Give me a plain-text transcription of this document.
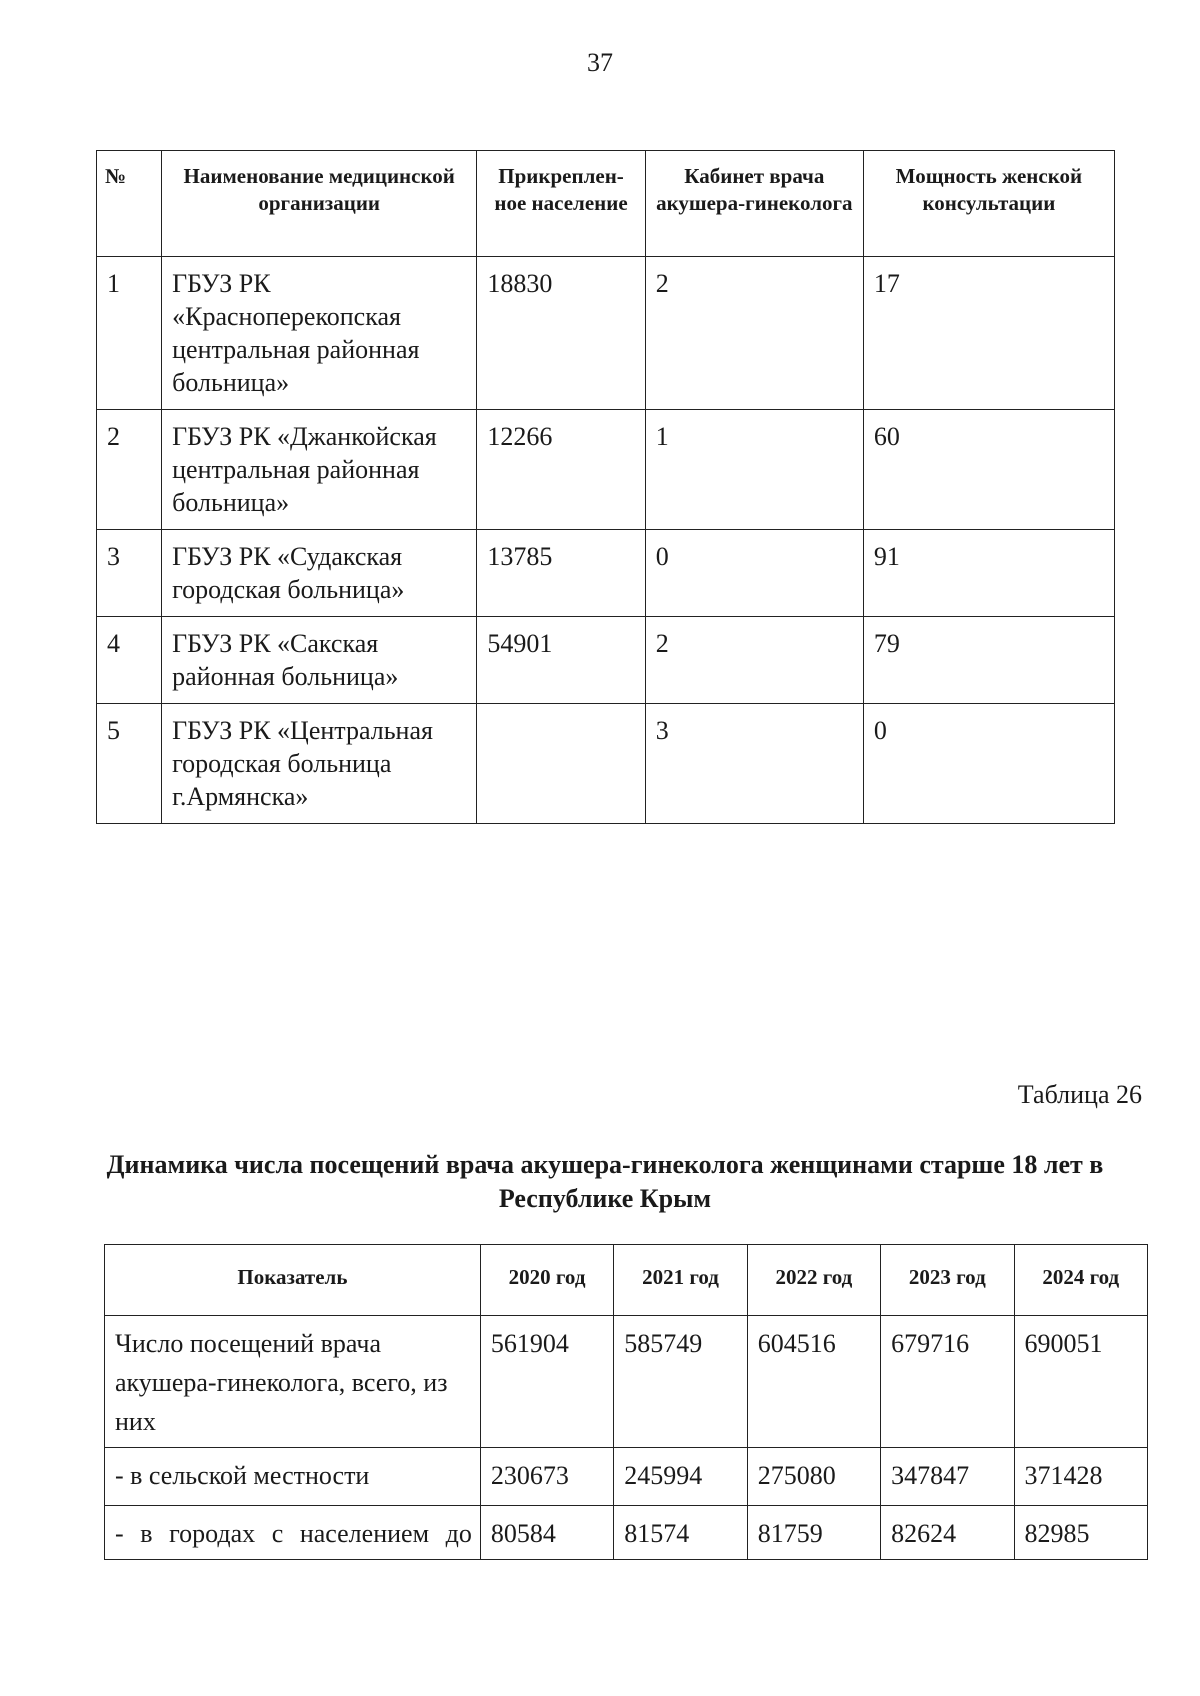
37
№	Наименование медицинской организации	Прикреплен-ное население	Кабинет врача акушера-гинеколога	Мощность женской консультации
1	ГБУЗ РК «Красноперекопская центральная районная больница»	18830	2	17
2	ГБУЗ РК «Джанкойская центральная районная больница»	12266	1	60
3	ГБУЗ РК «Судакская городская больница»	13785	0	91
4	ГБУЗ РК «Сакская районная больница»	54901	2	79
5	ГБУЗ РК «Центральная городская больница г.Армянска»		3	0
Таблица 26
Динамика числа посещений врача акушера-гинеколога женщинами старше 18 лет в Республике Крым
Показатель	2020 год	2021 год	2022 год	2023 год	2024 год
Число посещений врача акушера-гинеколога, всего, из них	561904	585749	604516	679716	690051
- в сельской местности	230673	245994	275080	347847	371428
- в городах с населением до	80584	81574	81759	82624	82985
